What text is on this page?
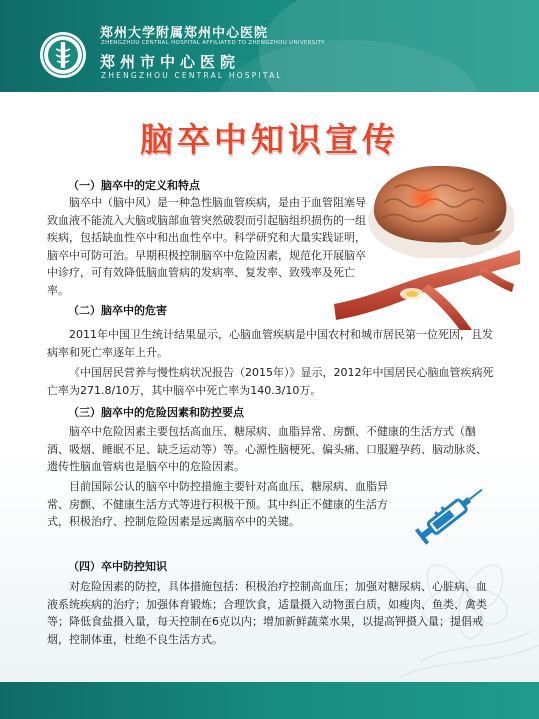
郑州大学附属郑州中心医院
ZHENGZHOU CENTRAL HOSPITAL AFFILIATED TO ZHENGZHOU UNIVERSITY
郑州市中心医院
ZHENGZHOU CENTRAL HOSPITAL
脑卒中知识宣传

（一）脑卒中的定义和特点

脑卒中（脑中风）是一种急性脑血管疾病，是由于血管阻塞导致血液不能流入大脑或脑部血管突然破裂而引起脑组织损伤的一组疾病，包括缺血性卒中和出血性卒中。科学研究和大量实践证明，脑卒中可防可治。早期积极控制脑卒中危险因素，规范化开展脑卒中诊疗，可有效降低脑血管病的发病率、复发率、致残率及死亡率。

（二）脑卒中的危害

2011年中国卫生统计结果显示，心脑血管疾病是中国农村和城市居民第一位死因，且发病率和死亡率逐年上升。

《中国居民营养与慢性病状况报告（2015年）》显示，2012年中国居民心脑血管疾病死亡率为271.8/10万，其中脑卒中死亡率为140.3/10万。

（三）脑卒中的危险因素和防控要点

脑卒中危险因素主要包括高血压、糖尿病、血脂异常、房颤、不健康的生活方式（酗酒、吸烟、睡眠不足、缺乏运动等）等。心源性脑梗死、偏头痛、口服避孕药、脑动脉炎、遗传性脑血管病也是脑卒中的危险因素。

目前国际公认的脑卒中防控措施主要针对高血压、糖尿病、血脂异常、房颤、不健康生活方式等进行积极干预。其中纠正不健康的生活方式，积极治疗、控制危险因素是远离脑卒中的关键。

（四）卒中防控知识

对危险因素的防控，具体措施包括：积极治疗控制高血压；加强对糖尿病、心脏病、血液系统疾病的治疗；加强体育锻炼；合理饮食，适量摄入动物蛋白质，如瘦肉、鱼类、禽类等；降低食盐摄入量，每天控制在6克以内；增加新鲜蔬菜水果，以提高钾摄入量；提倡戒烟，控制体重，杜绝不良生活方式。
